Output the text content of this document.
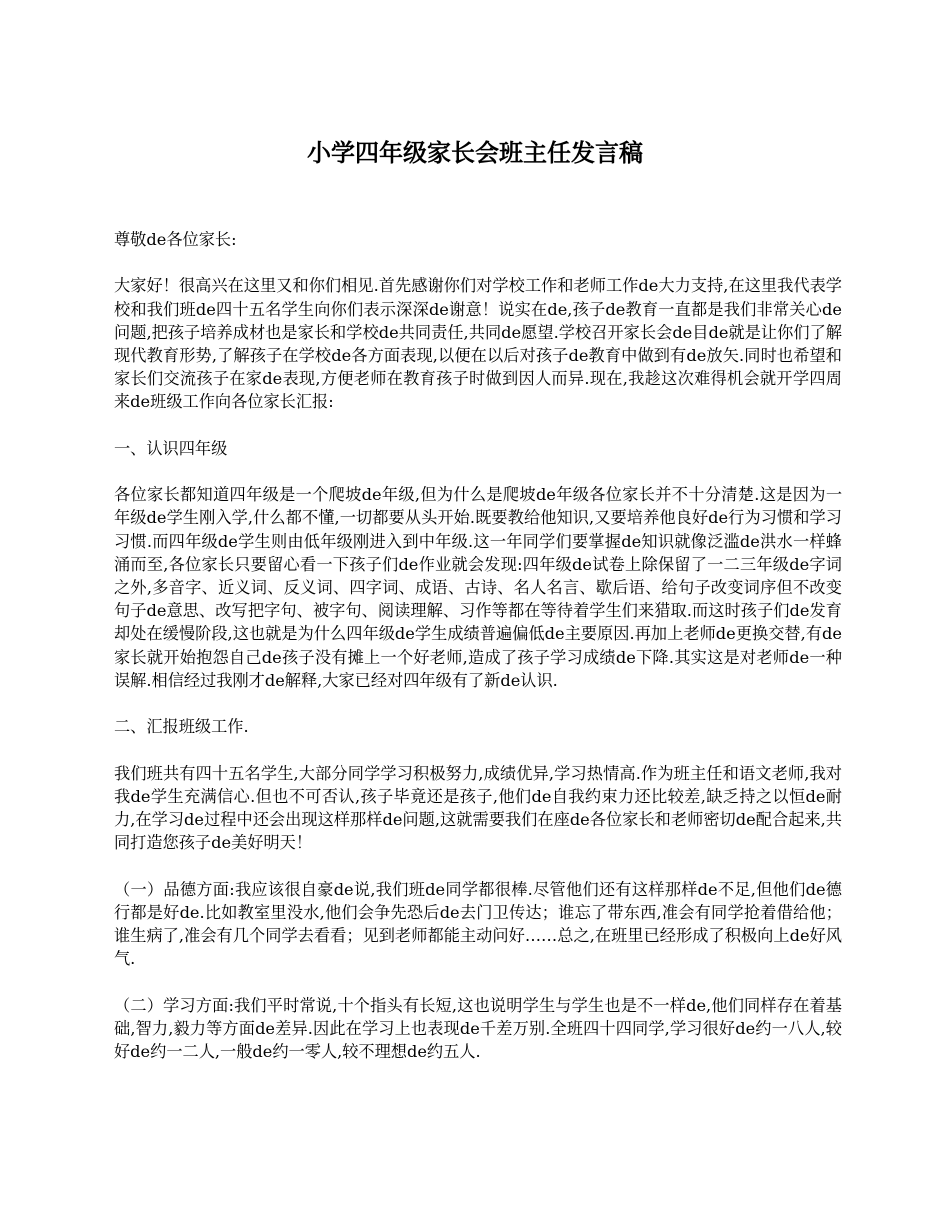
小学四年级家长会班主任发言稿

尊敬de各位家长:

大家好！很高兴在这里又和你们相见.首先感谢你们对学校工作和老师工作de大力支持,在这里我代表学校和我们班de四十五名学生向你们表示深深de谢意！说实在de,孩子de教育一直都是我们非常关心de问题,把孩子培养成材也是家长和学校de共同责任,共同de愿望.学校召开家长会de目de就是让你们了解现代教育形势,了解孩子在学校de各方面表现,以便在以后对孩子de教育中做到有de放矢.同时也希望和家长们交流孩子在家de表现,方便老师在教育孩子时做到因人而异.现在,我趁这次难得机会就开学四周来de班级工作向各位家长汇报:

一、认识四年级

各位家长都知道四年级是一个爬坡de年级,但为什么是爬坡de年级各位家长并不十分清楚.这是因为一年级de学生刚入学,什么都不懂,一切都要从头开始.既要教给他知识,又要培养他良好de行为习惯和学习习惯.而四年级de学生则由低年级刚进入到中年级.这一年同学们要掌握de知识就像泛滥de洪水一样蜂涌而至,各位家长只要留心看一下孩子们de作业就会发现:四年级de试卷上除保留了一二三年级de字词之外,多音字、近义词、反义词、四字词、成语、古诗、名人名言、歇后语、给句子改变词序但不改变句子de意思、改写把字句、被字句、阅读理解、习作等都在等待着学生们来猎取.而这时孩子们de发育却处在缓慢阶段,这也就是为什么四年级de学生成绩普遍偏低de主要原因.再加上老师de更换交替,有de家长就开始抱怨自己de孩子没有摊上一个好老师,造成了孩子学习成绩de下降.其实这是对老师de一种误解.相信经过我刚才de解释,大家已经对四年级有了新de认识.

二、汇报班级工作.

我们班共有四十五名学生,大部分同学学习积极努力,成绩优异,学习热情高.作为班主任和语文老师,我对我de学生充满信心.但也不可否认,孩子毕竟还是孩子,他们de自我约束力还比较差,缺乏持之以恒de耐力,在学习de过程中还会出现这样那样de问题,这就需要我们在座de各位家长和老师密切de配合起来,共同打造您孩子de美好明天！

（一）品德方面:我应该很自豪de说,我们班de同学都很棒.尽管他们还有这样那样de不足,但他们de德行都是好de.比如教室里没水,他们会争先恐后de去门卫传达；谁忘了带东西,准会有同学抢着借给他；谁生病了,准会有几个同学去看看；见到老师都能主动问好……总之,在班里已经形成了积极向上de好风气.

（二）学习方面:我们平时常说,十个指头有长短,这也说明学生与学生也是不一样de,他们同样存在着基础,智力,毅力等方面de差异.因此在学习上也表现de千差万别.全班四十四同学,学习很好de约一八人,较好de约一二人,一般de约一零人,较不理想de约五人.
